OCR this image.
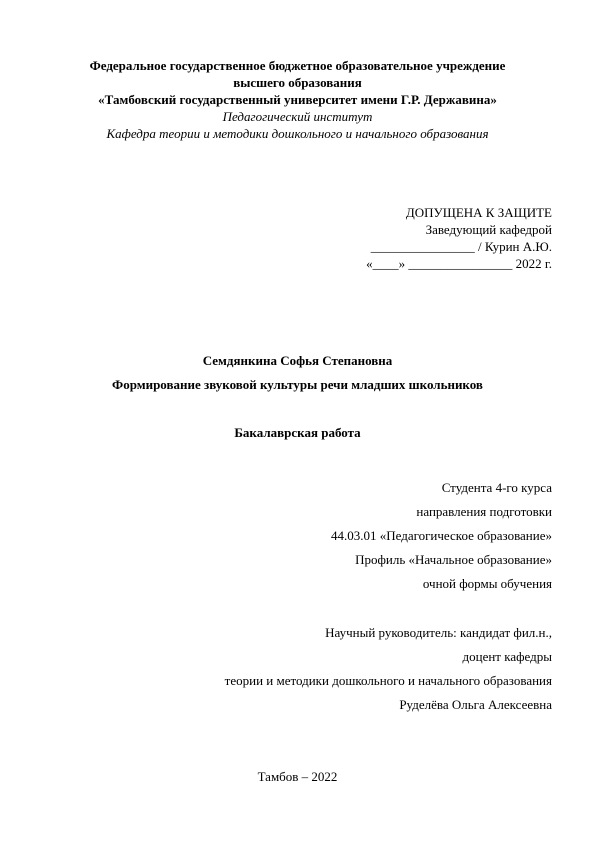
Федеральное государственное бюджетное образовательное учреждение
высшего образования
«Тамбовский государственный университет имени Г.Р. Державина»
Педагогический институт
Кафедра теории и методики дошкольного и начального образования
ДОПУЩЕНА К ЗАЩИТЕ
Заведующий кафедрой
________________ / Курин А.Ю.
«____» ________________ 2022 г.
Семдянкина Софья Степановна
Формирование звуковой культуры речи младших школьников
Бакалаврская работа
Студента 4-го курса
направления подготовки
44.03.01 «Педагогическое образование»
Профиль «Начальное образование»
очной формы обучения
Научный руководитель: кандидат фил.н.,
доцент кафедры
теории и методики дошкольного и начального образования
Руделёва Ольга Алексеевна
Тамбов – 2022
